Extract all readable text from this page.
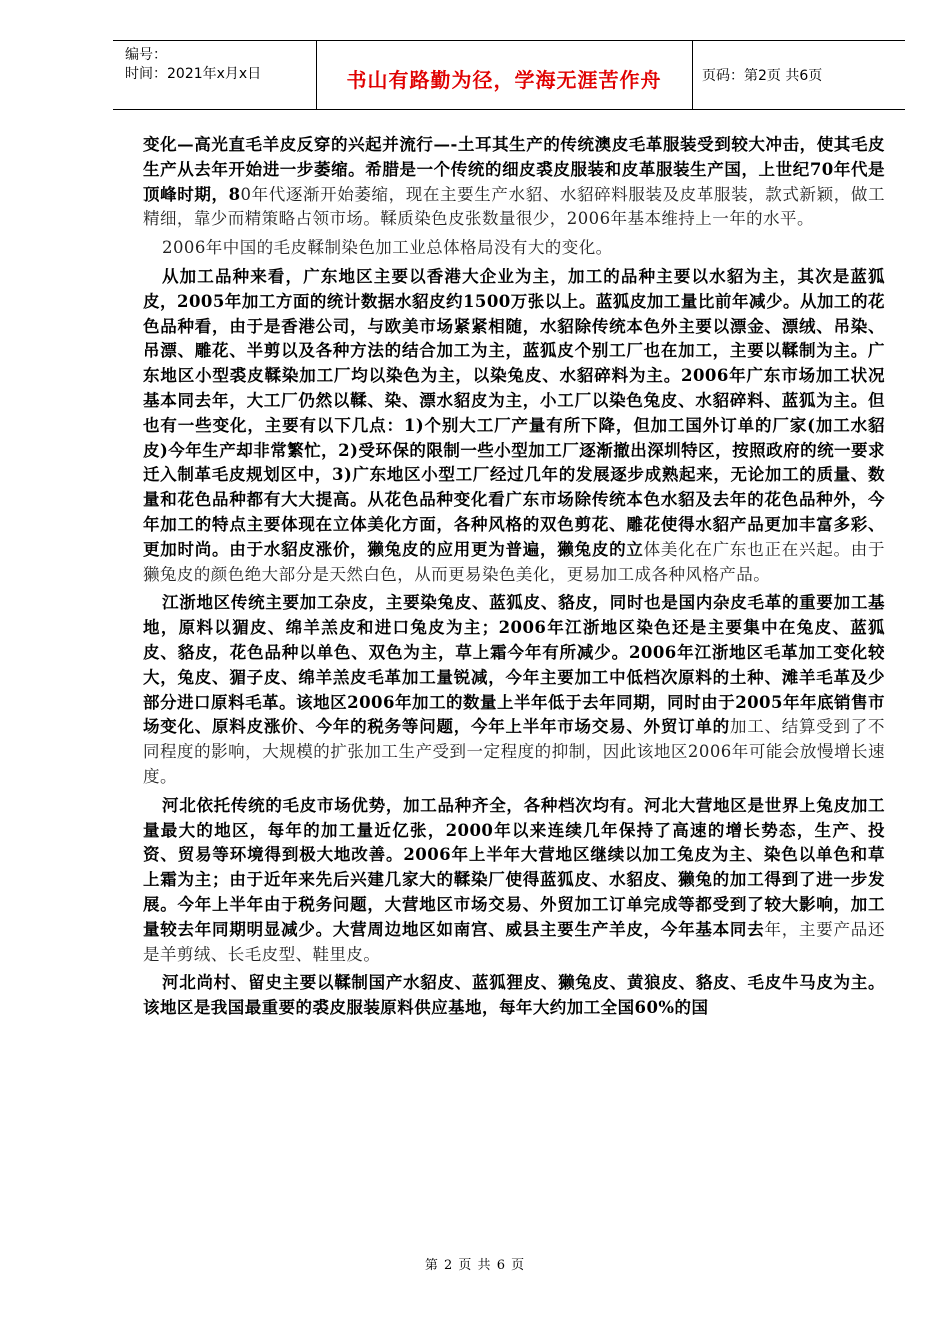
编号：
时间：2021年x月x日	书山有路勤为径，学海无涯苦作舟	页码：第2页 共6页

变化—高光直毛羊皮反穿的兴起并流行—-土耳其生产的传统澳皮毛革服装受到较大冲击，使其毛皮生产从去年开始进一步萎缩。希腊是一个传统的细皮裘皮服装和皮革服装生产国，上世纪70年代是顶峰时期，80年代逐渐开始萎缩，现在主要生产水貂、水貂碎料服装及皮革服装，款式新颖，做工精细，靠少而精策略占领市场。鞣质染色皮张数量很少，2006年基本维持上一年的水平。

2006年中国的毛皮鞣制染色加工业总体格局没有大的变化。

从加工品种来看，广东地区主要以香港大企业为主，加工的品种主要以水貂为主，其次是蓝狐皮，2005年加工方面的统计数据水貂皮约1500万张以上。蓝狐皮加工量比前年减少。从加工的花色品种看，由于是香港公司，与欧美市场紧紧相随，水貂除传统本色外主要以漂金、漂绒、吊染、吊漂、雕花、半剪以及各种方法的结合加工为主，蓝狐皮个别工厂也在加工，主要以鞣制为主。广东地区小型裘皮鞣染加工厂均以染色为主，以染兔皮、水貂碎料为主。2006年广东市场加工状况基本同去年，大工厂仍然以鞣、染、漂水貂皮为主，小工厂以染色兔皮、水貂碎料、蓝狐为主。但也有一些变化，主要有以下几点：1)个别大工厂产量有所下降，但加工国外订单的厂家(加工水貂皮)今年生产却非常繁忙，2)受环保的限制一些小型加工厂逐渐撤出深圳特区，按照政府的统一要求迁入制革毛皮规划区中，3)广东地区小型工厂经过几年的发展逐步成熟起来，无论加工的质量、数量和花色品种都有大大提高。从花色品种变化看广东市场除传统本色水貂及去年的花色品种外，今年加工的特点主要体现在立体美化方面，各种风格的双色剪花、雕花使得水貂产品更加丰富多彩、更加时尚。由于水貂皮涨价，獭兔皮的应用更为普遍，獭兔皮的立体美化在广东也正在兴起。由于獭兔皮的颜色绝大部分是天然白色，从而更易染色美化，更易加工成各种风格产品。

江浙地区传统主要加工杂皮，主要染兔皮、蓝狐皮、貉皮，同时也是国内杂皮毛革的重要加工基地，原料以猸皮、绵羊羔皮和进口兔皮为主；2006年江浙地区染色还是主要集中在兔皮、蓝狐皮、貉皮，花色品种以单色、双色为主，草上霜今年有所减少。2006年江浙地区毛革加工变化较大，兔皮、猸子皮、绵羊羔皮毛革加工量锐减，今年主要加工中低档次原料的土种、滩羊毛革及少部分进口原料毛革。该地区2006年加工的数量上半年低于去年同期，同时由于2005年年底销售市场变化、原料皮涨价、今年的税务等问题，今年上半年市场交易、外贸订单的加工、结算受到了不同程度的影响，大规模的扩张加工生产受到一定程度的抑制，因此该地区2006年可能会放慢增长速度。

河北依托传统的毛皮市场优势，加工品种齐全，各种档次均有。河北大营地区是世界上兔皮加工量最大的地区，每年的加工量近亿张，2000年以来连续几年保持了高速的增长势态，生产、投资、贸易等环境得到极大地改善。2006年上半年大营地区继续以加工兔皮为主、染色以单色和草上霜为主；由于近年来先后兴建几家大的鞣染厂使得蓝狐皮、水貂皮、獭兔的加工得到了进一步发展。今年上半年由于税务问题，大营地区市场交易、外贸加工订单完成等都受到了较大影响，加工量较去年同期明显减少。大营周边地区如南宫、威县主要生产羊皮，今年基本同去年，主要产品还是羊剪绒、长毛皮型、鞋里皮。

河北尚村、留史主要以鞣制国产水貂皮、蓝狐狸皮、獭兔皮、黄狼皮、貉皮、毛皮牛马皮为主。该地区是我国最重要的裘皮服装原料供应基地，每年大约加工全国60%的国

第 2 页 共 6 页
